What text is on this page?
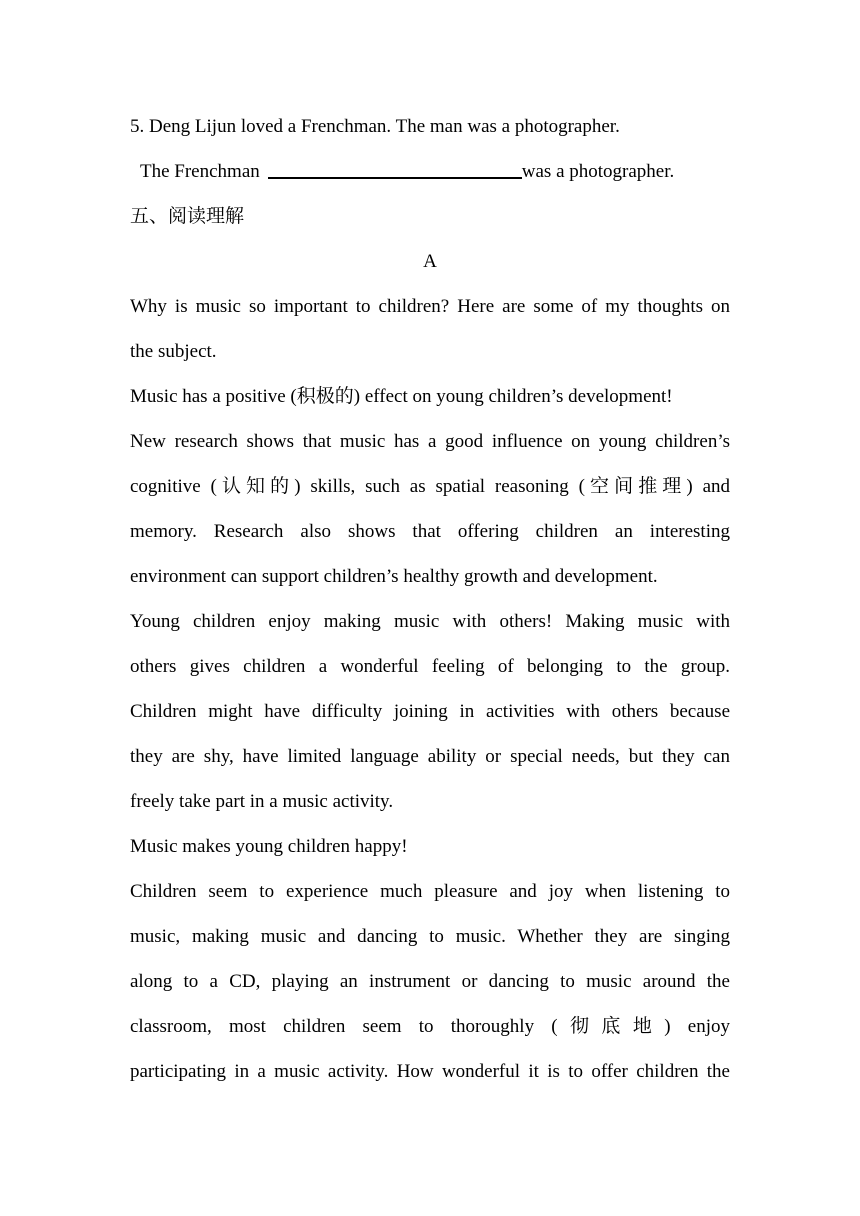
5. Deng Lijun loved a Frenchman. The man was a photographer.
The Frenchman	was a photographer.
五、阅读理解
A
Why is music so important to children? Here are some of my thoughts on
the subject.
Music has a positive (积极的) effect on young children’s development!
New research shows that music has a good influence on young children’s
cognitive (认知的) skills, such as spatial reasoning (空间推理) and
memory. Research also shows that offering children an interesting
environment can support children’s healthy growth and development.
Young children enjoy making music with others! Making music with
others gives children a wonderful feeling of belonging to the group.
Children might have difficulty joining in activities with others because
they are shy, have limited language ability or special needs, but they can
freely take part in a music activity.
Music makes young children happy!
Children seem to experience much pleasure and joy when listening to
music, making music and dancing to music. Whether they are singing
along to a CD, playing an instrument or dancing to music around the
classroom, most children seem to thoroughly (彻底地) enjoy
participating in a music activity. How wonderful it is to offer children the
